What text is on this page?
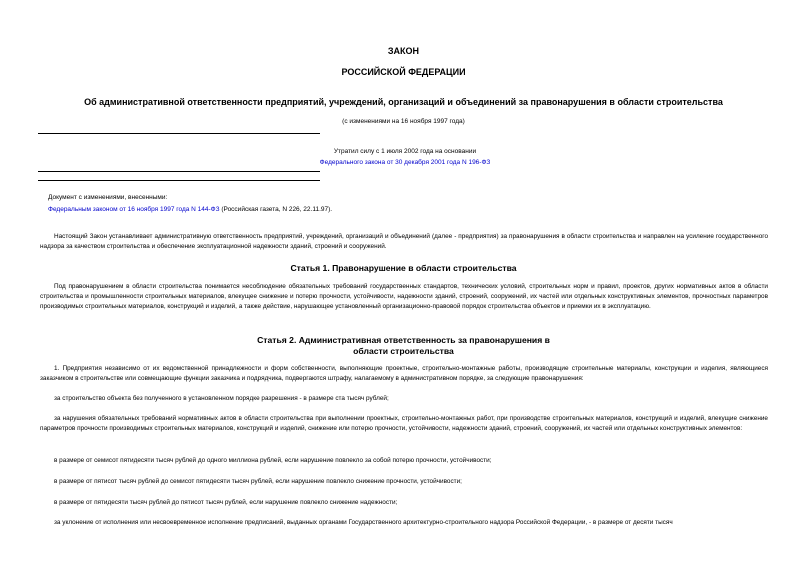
ЗАКОН
РОССИЙСКОЙ ФЕДЕРАЦИИ
Об административной ответственности предприятий, учреждений, организаций и объединений за правонарушения в области строительства
(с изменениями на 16 ноября 1997 года)
Утратил силу с 1 июля 2002 года на основании
Федерального закона от 30 декабря 2001 года N 196-ФЗ
Документ с изменениями, внесенными:
Федеральным законом от 16 ноября 1997 года N 144-ФЗ (Российская газета, N 226, 22.11.97).
Настоящий Закон устанавливает административную ответственность предприятий, учреждений, организаций и объединений (далее - предприятия) за правонарушения в области строительства и направлен на усиление государственного надзора за качеством строительства и обеспечение эксплуатационной надежности зданий, строений и сооружений.
Статья 1. Правонарушение в области строительства
Под правонарушением в области строительства понимается несоблюдение обязательных требований государственных стандартов, технических условий, строительных норм и правил, проектов, других нормативных актов в области строительства и промышленности строительных материалов, влекущее снижение и потерю прочности, устойчивости, надежности зданий, строений, сооружений, их частей или отдельных конструктивных элементов, прочностных параметров производимых строительных материалов, конструкций и изделий, а также действие, нарушающее установленный организационно-правовой порядок строительства объектов и приемки их в эксплуатацию.
Статья 2. Административная ответственность за правонарушения в
области строительства
1. Предприятия независимо от их ведомственной принадлежности и форм собственности, выполняющие проектные, строительно-монтажные работы, производящие строительные материалы, конструкции и изделия, являющиеся заказчиком в строительстве или совмещающие функции заказчика и подрядчика, подвергаются штрафу, налагаемому в административном порядке, за следующие правонарушения:
за строительство объекта без полученного в установленном порядке разрешения - в размере ста тысяч рублей;
за нарушения обязательных требований нормативных актов в области строительства при выполнении проектных, строительно-монтажных работ, при производстве строительных материалов, конструкций и изделий, влекущие снижение параметров прочности производимых строительных материалов, конструкций и изделий, снижение или потерю прочности, устойчивости, надежности зданий, строений, сооружений, их частей или отдельных конструктивных элементов:
в размере от семисот пятидесяти тысяч рублей до одного миллиона рублей, если нарушение повлекло за собой потерю прочности, устойчивости;
в размере от пятисот тысяч рублей до семисот пятидесяти тысяч рублей, если нарушение повлекло снижение прочности, устойчивости;
в размере от пятидесяти тысяч рублей до пятисот тысяч рублей, если нарушение повлекло снижение надежности;
за уклонение от исполнения или несвоевременное исполнение предписаний, выданных органами Государственного архитектурно-строительного надзора Российской Федерации, - в размере от десяти тысяч
